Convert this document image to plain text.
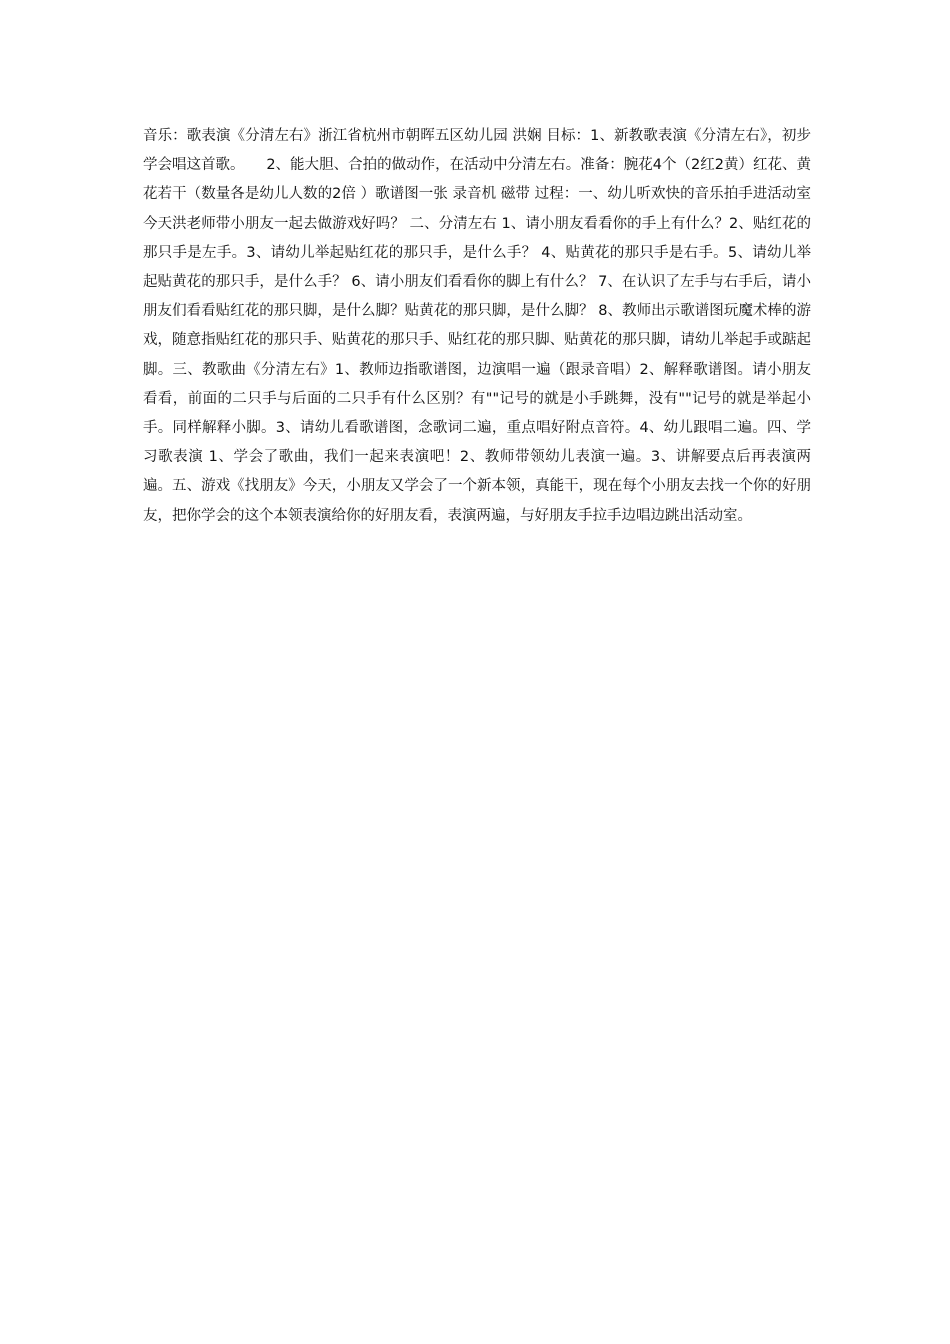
音乐：歌表演《分清左右》浙江省杭州市朝晖五区幼儿园 洪娴 目标：1、新教歌表演《分清左右》，初步学会唱这首歌。　　2、能大胆、合拍的做动作，在活动中分清左右。准备：腕花4个（2红2黄）红花、黄花若干（数量各是幼儿人数的2倍 ）歌谱图一张 录音机 磁带 过程：一、幼儿听欢快的音乐拍手进活动室 今天洪老师带小朋友一起去做游戏好吗？ 二、分清左右 1、请小朋友看看你的手上有什么？2、贴红花的那只手是左手。3、请幼儿举起贴红花的那只手，是什么手？ 4、贴黄花的那只手是右手。5、请幼儿举起贴黄花的那只手，是什么手？ 6、请小朋友们看看你的脚上有什么？ 7、在认识了左手与右手后，请小朋友们看看贴红花的那只脚，是什么脚？贴黄花的那只脚，是什么脚？ 8、教师出示歌谱图玩魔术棒的游戏，随意指贴红花的那只手、贴黄花的那只手、贴红花的那只脚、贴黄花的那只脚，请幼儿举起手或踮起脚。三、教歌曲《分清左右》1、教师边指歌谱图，边演唱一遍（跟录音唱）2、解释歌谱图。请小朋友看看，前面的二只手与后面的二只手有什么区别？有""记号的就是小手跳舞，没有""记号的就是举起小手。同样解释小脚。3、请幼儿看歌谱图，念歌词二遍，重点唱好附点音符。4、幼儿跟唱二遍。四、学习歌表演 1、学会了歌曲，我们一起来表演吧！2、教师带领幼儿表演一遍。3、讲解要点后再表演两遍。五、游戏《找朋友》今天，小朋友又学会了一个新本领，真能干，现在每个小朋友去找一个你的好朋友，把你学会的这个本领表演给你的好朋友看，表演两遍，与好朋友手拉手边唱边跳出活动室。
